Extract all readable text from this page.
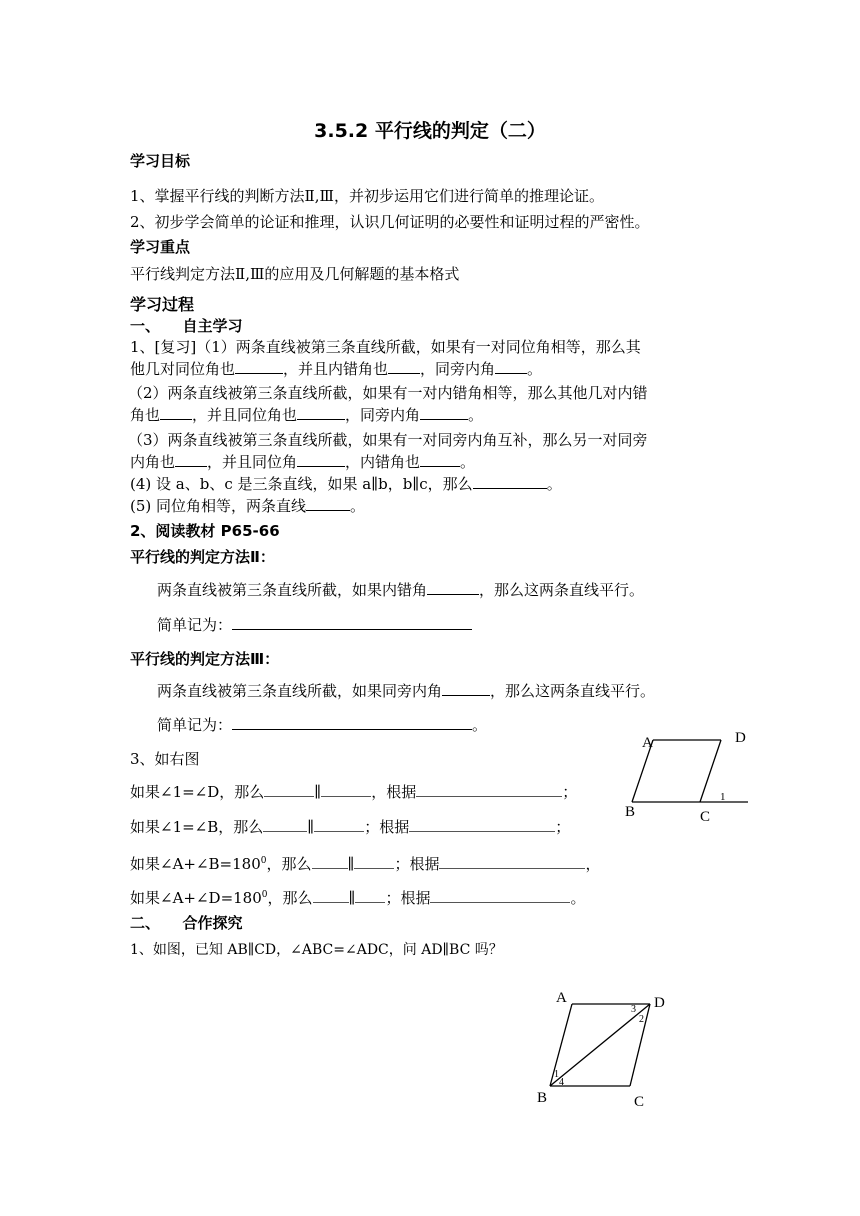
3.5.2 平行线的判定（二）
学习目标
1、掌握平行线的判断方法Ⅱ,Ⅲ，并初步运用它们进行简单的推理论证。
2、初步学会简单的论证和推理，认识几何证明的必要性和证明过程的严密性。
学习重点
平行线判定方法Ⅱ,Ⅲ的应用及几何解题的基本格式
学习过程
一、　　自主学习
1、[复习]（1）两条直线被第三条直线所截，如果有一对同位角相等，那么其
他几对同位角也	，并且内错角也 ，同旁内角 。
（2）两条直线被第三条直线所截，如果有一对内错角相等，那么其他几对内错
角也 ，并且同位角也	，同旁内角	。
（3）两条直线被第三条直线所截，如果有一对同旁内角互补，那么另一对同旁
内角也 ，并且同位角	，内错角也	。
(4) 设 a、b、c 是三条直线，如果 a∥b，b∥c，那么	。
(5) 同位角相等，两条直线	。
2、阅读教材 P65-66
平行线的判定方法Ⅱ：
两条直线被第三条直线所截，如果内错角	，那么这两条直线平行。
简单记为：
平行线的判定方法Ⅲ：
两条直线被第三条直线所截，如果同旁内角	，那么这两条直线平行。
简单记为：	。
3、如右图
如果∠1=∠D，那么	∥	，根据	；
如果∠1=∠B，那么	∥	；根据	；
如果$\angle A+\angle B=180^0$，那么 ∥	；根据	，
如果$\angle A+\angle D=180^0$，那么 ∥ ；根据	。
二、　　合作探究
1、如图，已知 AB∥CD，∠ABC=∠ADC，问 AD∥BC 吗？
A	D
B	C
1
A	D
B	C
1
2
3
4
